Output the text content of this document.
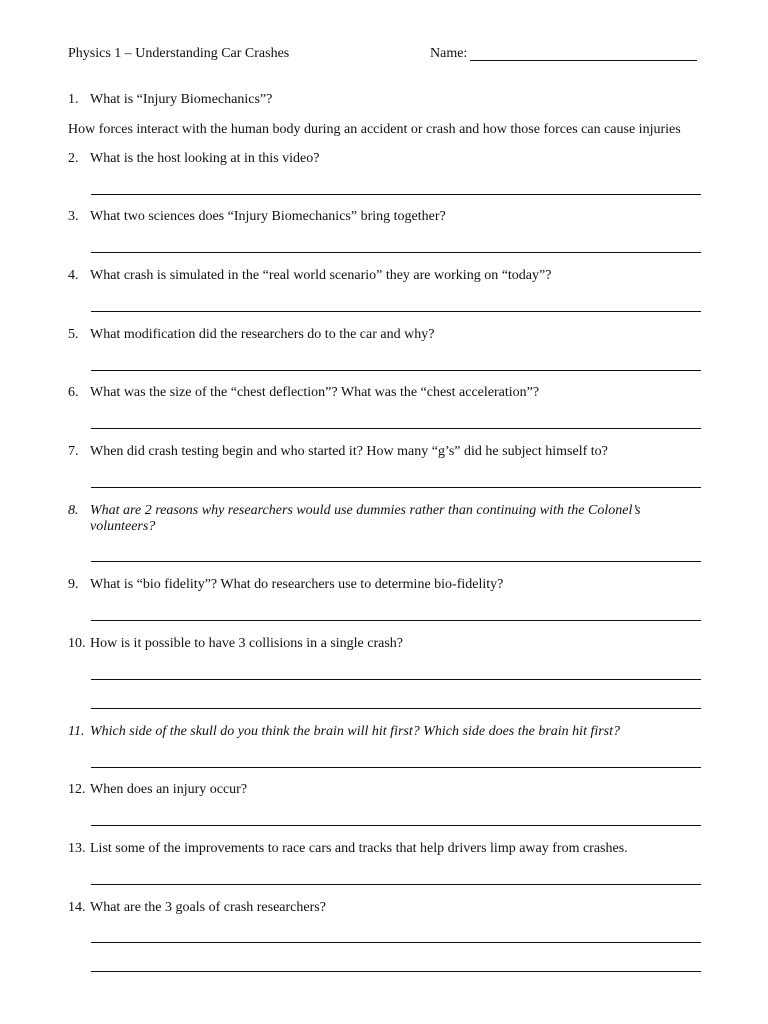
Physics 1 – Understanding Car Crashes	Name:
1. What is “Injury Biomechanics”?
How forces interact with the human body during an accident or crash and how those forces can cause injuries
2. What is the host looking at in this video?
3. What two sciences does “Injury Biomechanics” bring together?
4. What crash is simulated in the “real world scenario” they are working on “today”?
5. What modification did the researchers do to the car and why?
6. What was the size of the “chest deflection”? What was the “chest acceleration”?
7. When did crash testing begin and who started it? How many “g’s” did he subject himself to?
8. What are 2 reasons why researchers would use dummies rather than continuing with the Colonel’s volunteers?
9. What is “bio fidelity”? What do researchers use to determine bio-fidelity?
10. How is it possible to have 3 collisions in a single crash?
11. Which side of the skull do you think the brain will hit first? Which side does the brain hit first?
12. When does an injury occur?
13. List some of the improvements to race cars and tracks that help drivers limp away from crashes.
14. What are the 3 goals of crash researchers?
